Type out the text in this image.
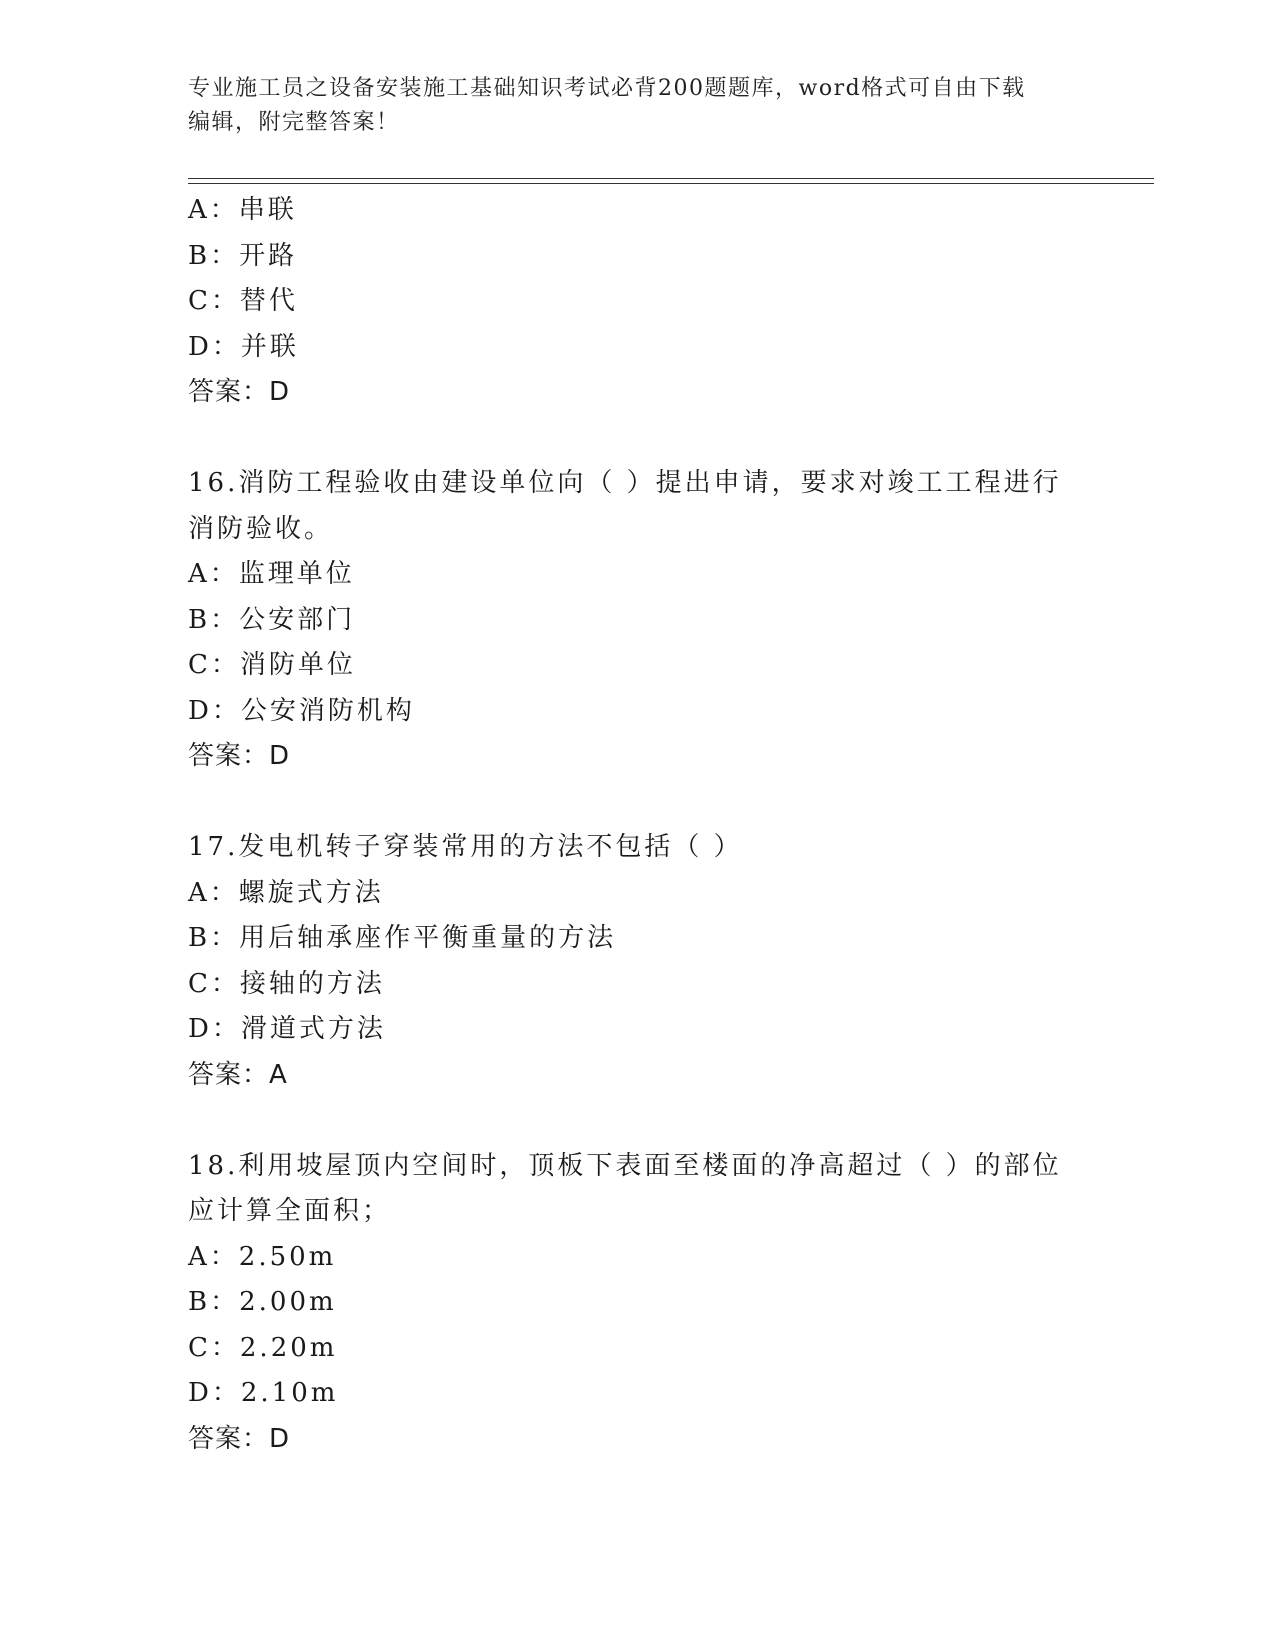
专业施工员之设备安装施工基础知识考试必背200题题库，word格式可自由下载
编辑，附完整答案！
A：串联
B：开路
C：替代
D：并联
答案：D
16.消防工程验收由建设单位向（ ）提出申请，要求对竣工工程进行
消防验收。
A：监理单位
B：公安部门
C：消防单位
D：公安消防机构
答案：D
17.发电机转子穿装常用的方法不包括（ ）
A：螺旋式方法
B：用后轴承座作平衡重量的方法
C：接轴的方法
D：滑道式方法
答案：A
18.利用坡屋顶内空间时，顶板下表面至楼面的净高超过（ ）的部位
应计算全面积；
A：2.50m
B：2.00m
C：2.20m
D：2.10m
答案：D
